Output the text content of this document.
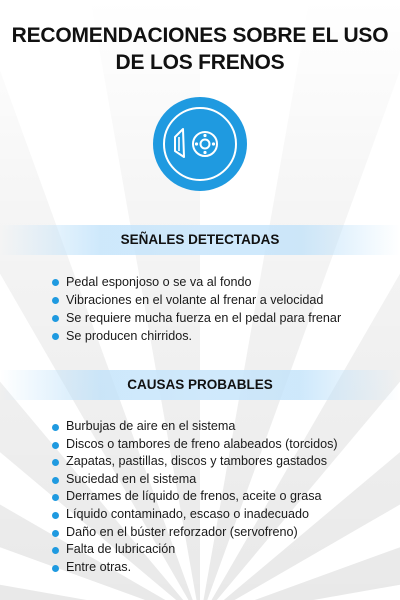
RECOMENDACIONES SOBRE EL USO
DE LOS FRENOS
SEÑALES DETECTADAS
Pedal esponjoso o se va al fondo
Vibraciones en el volante al frenar a velocidad
Se requiere mucha fuerza en el pedal para frenar
Se producen chirridos.
CAUSAS PROBABLES
Burbujas de aire en el sistema
Discos o tambores de freno alabeados (torcidos)
Zapatas, pastillas, discos y tambores gastados
Suciedad en el sistema
Derrames de líquido de frenos, aceite o grasa
Líquido contaminado, escaso o inadecuado
Daño en el búster reforzador (servofreno)
Falta de lubricación
Entre otras.
